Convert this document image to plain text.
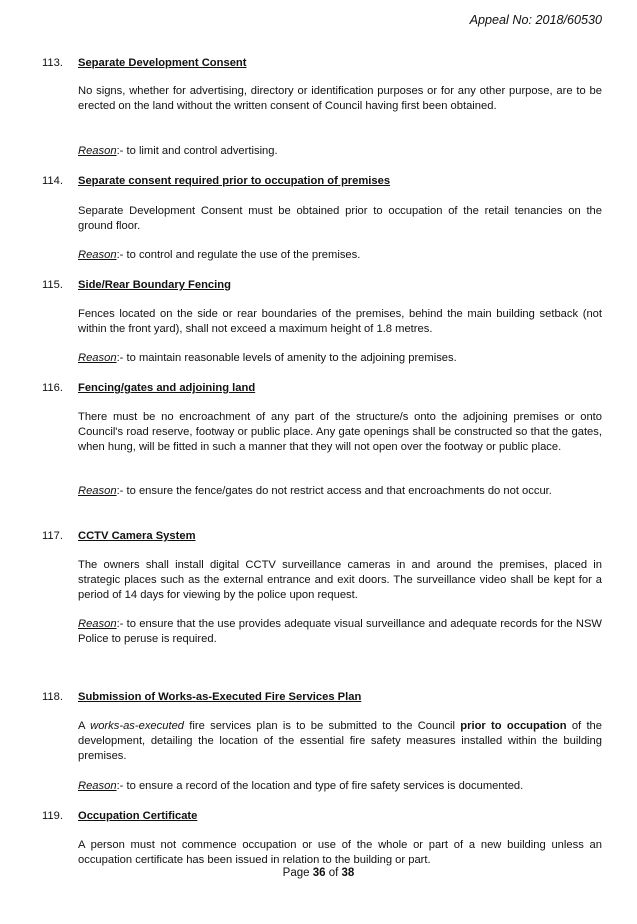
Appeal No: 2018/60530
113.	Separate Development Consent
No signs, whether for advertising, directory or identification purposes or for any other purpose, are to be erected on the land without the written consent of Council having first been obtained.
Reason:- to limit and control advertising.
114.	Separate consent required prior to occupation of premises
Separate Development Consent must be obtained prior to occupation of the retail tenancies on the ground floor.
Reason:- to control and regulate the use of the premises.
115.	Side/Rear Boundary Fencing
Fences located on the side or rear boundaries of the premises, behind the main building setback (not within the front yard), shall not exceed a maximum height of 1.8 metres.
Reason:- to maintain reasonable levels of amenity to the adjoining premises.
116.	Fencing/gates and adjoining land
There must be no encroachment of any part of the structure/s onto the adjoining premises or onto Council's road reserve, footway or public place. Any gate openings shall be constructed so that the gates, when hung, will be fitted in such a manner that they will not open over the footway or public place.
Reason:- to ensure the fence/gates do not restrict access and that encroachments do not occur.
117.	CCTV Camera System
The owners shall install digital CCTV surveillance cameras in and around the premises, placed in strategic places such as the external entrance and exit doors. The surveillance video shall be kept for a period of 14 days for viewing by the police upon request.
Reason:- to ensure that the use provides adequate visual surveillance and adequate records for the NSW Police to peruse is required.
118.	Submission of Works-as-Executed Fire Services Plan
A works-as-executed fire services plan is to be submitted to the Council prior to occupation of the development, detailing the location of the essential fire safety measures installed within the building premises.
Reason:- to ensure a record of the location and type of fire safety services is documented.
119.	Occupation Certificate
A person must not commence occupation or use of the whole or part of a new building unless an occupation certificate has been issued in relation to the building or part.
Page 36 of 38
